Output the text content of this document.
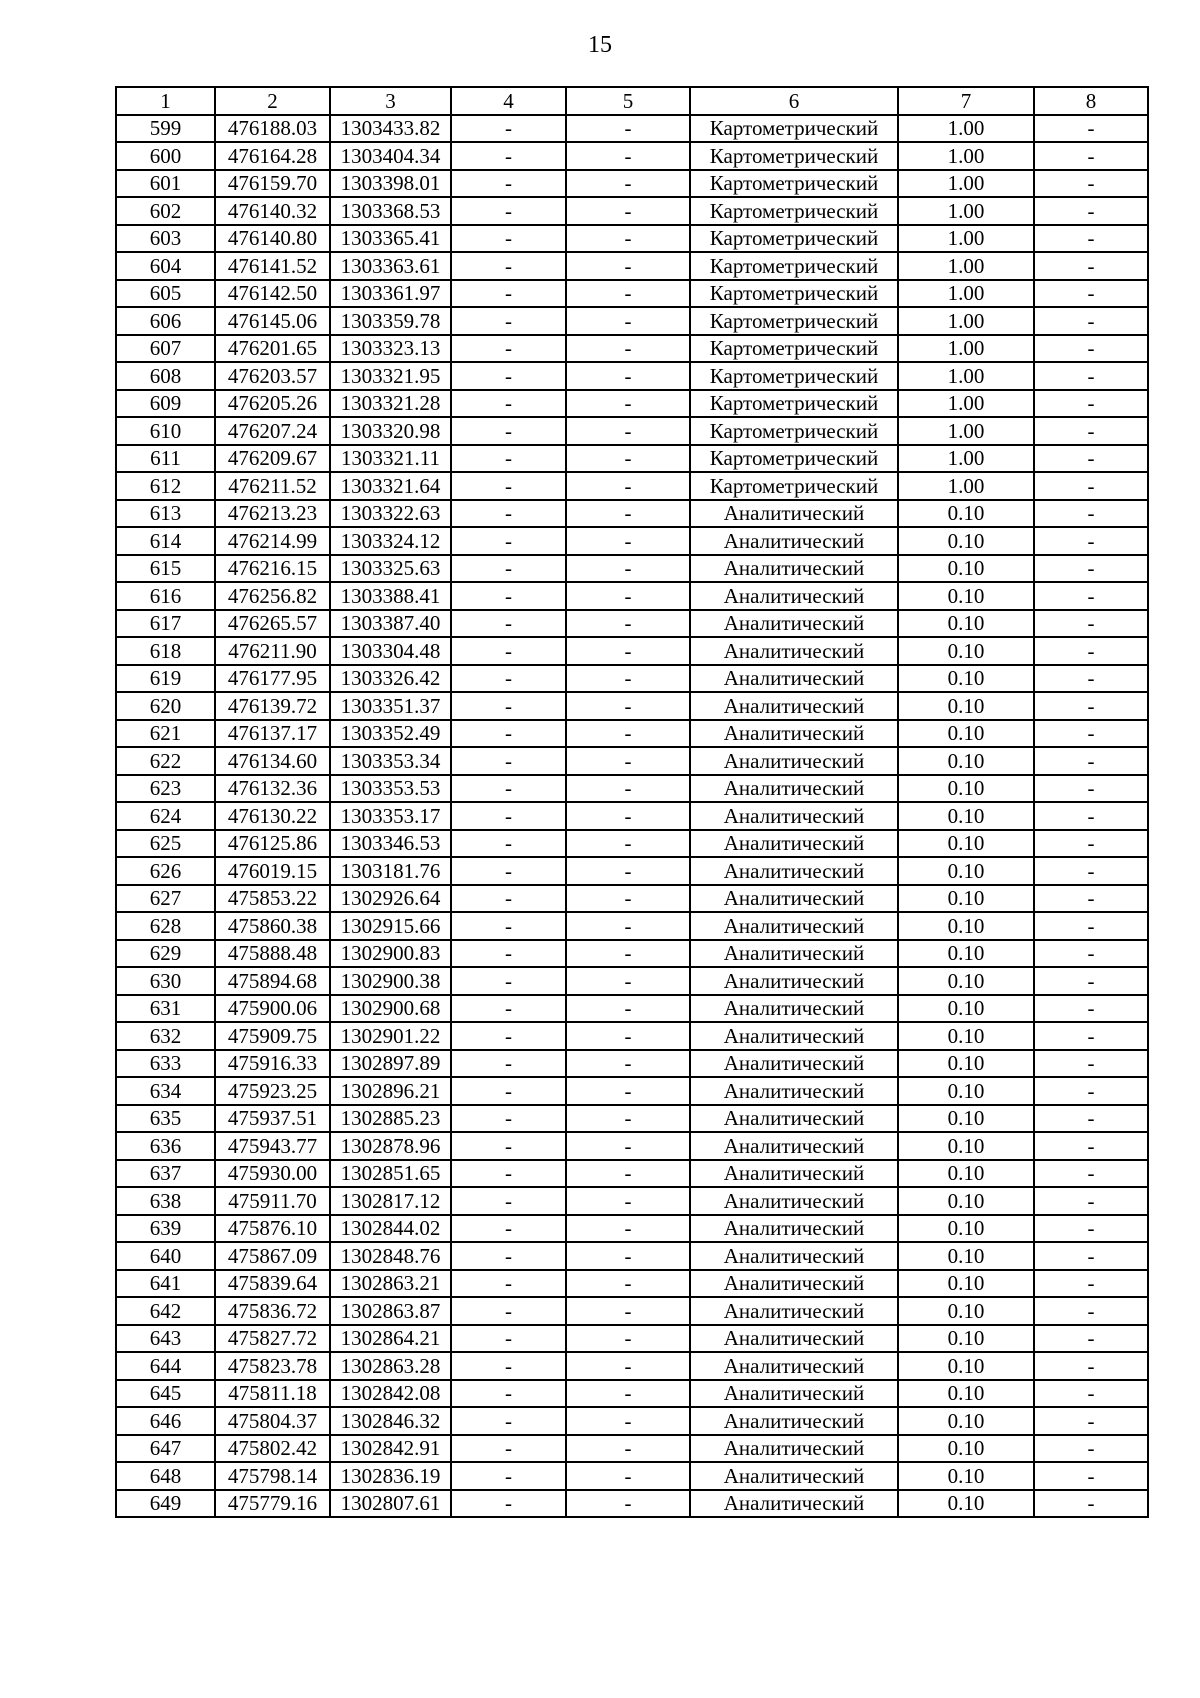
15
1	2	3	4	5	6	7	8
599	476188.03	1303433.82	-	-	Картометрический	1.00	-
600	476164.28	1303404.34	-	-	Картометрический	1.00	-
601	476159.70	1303398.01	-	-	Картометрический	1.00	-
602	476140.32	1303368.53	-	-	Картометрический	1.00	-
603	476140.80	1303365.41	-	-	Картометрический	1.00	-
604	476141.52	1303363.61	-	-	Картометрический	1.00	-
605	476142.50	1303361.97	-	-	Картометрический	1.00	-
606	476145.06	1303359.78	-	-	Картометрический	1.00	-
607	476201.65	1303323.13	-	-	Картометрический	1.00	-
608	476203.57	1303321.95	-	-	Картометрический	1.00	-
609	476205.26	1303321.28	-	-	Картометрический	1.00	-
610	476207.24	1303320.98	-	-	Картометрический	1.00	-
611	476209.67	1303321.11	-	-	Картометрический	1.00	-
612	476211.52	1303321.64	-	-	Картометрический	1.00	-
613	476213.23	1303322.63	-	-	Аналитический	0.10	-
614	476214.99	1303324.12	-	-	Аналитический	0.10	-
615	476216.15	1303325.63	-	-	Аналитический	0.10	-
616	476256.82	1303388.41	-	-	Аналитический	0.10	-
617	476265.57	1303387.40	-	-	Аналитический	0.10	-
618	476211.90	1303304.48	-	-	Аналитический	0.10	-
619	476177.95	1303326.42	-	-	Аналитический	0.10	-
620	476139.72	1303351.37	-	-	Аналитический	0.10	-
621	476137.17	1303352.49	-	-	Аналитический	0.10	-
622	476134.60	1303353.34	-	-	Аналитический	0.10	-
623	476132.36	1303353.53	-	-	Аналитический	0.10	-
624	476130.22	1303353.17	-	-	Аналитический	0.10	-
625	476125.86	1303346.53	-	-	Аналитический	0.10	-
626	476019.15	1303181.76	-	-	Аналитический	0.10	-
627	475853.22	1302926.64	-	-	Аналитический	0.10	-
628	475860.38	1302915.66	-	-	Аналитический	0.10	-
629	475888.48	1302900.83	-	-	Аналитический	0.10	-
630	475894.68	1302900.38	-	-	Аналитический	0.10	-
631	475900.06	1302900.68	-	-	Аналитический	0.10	-
632	475909.75	1302901.22	-	-	Аналитический	0.10	-
633	475916.33	1302897.89	-	-	Аналитический	0.10	-
634	475923.25	1302896.21	-	-	Аналитический	0.10	-
635	475937.51	1302885.23	-	-	Аналитический	0.10	-
636	475943.77	1302878.96	-	-	Аналитический	0.10	-
637	475930.00	1302851.65	-	-	Аналитический	0.10	-
638	475911.70	1302817.12	-	-	Аналитический	0.10	-
639	475876.10	1302844.02	-	-	Аналитический	0.10	-
640	475867.09	1302848.76	-	-	Аналитический	0.10	-
641	475839.64	1302863.21	-	-	Аналитический	0.10	-
642	475836.72	1302863.87	-	-	Аналитический	0.10	-
643	475827.72	1302864.21	-	-	Аналитический	0.10	-
644	475823.78	1302863.28	-	-	Аналитический	0.10	-
645	475811.18	1302842.08	-	-	Аналитический	0.10	-
646	475804.37	1302846.32	-	-	Аналитический	0.10	-
647	475802.42	1302842.91	-	-	Аналитический	0.10	-
648	475798.14	1302836.19	-	-	Аналитический	0.10	-
649	475779.16	1302807.61	-	-	Аналитический	0.10	-
